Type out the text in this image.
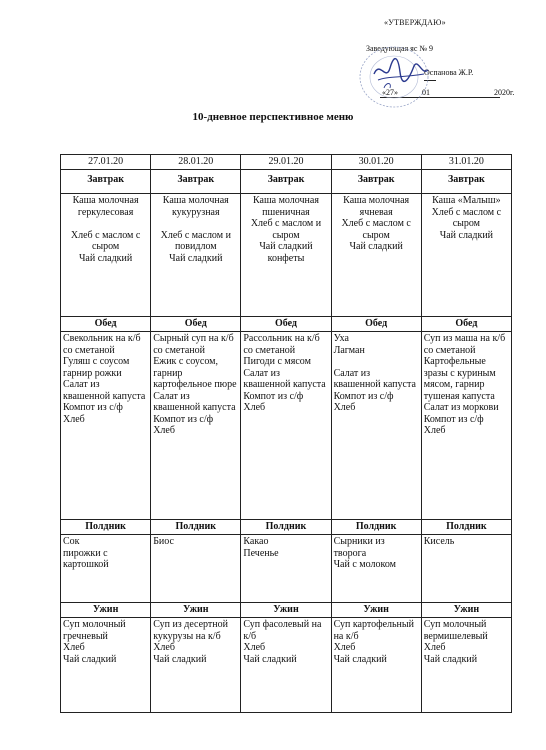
«УТВЕРЖДАЮ»
Заведующая яс № 9
Оспанова Ж.Р.
«27»	01	2020г.
10-дневное перспективное меню
27.01.20	28.01.20	29.01.20	30.01.20	31.01.20
Завтрак	Завтрак	Завтрак	Завтрак	Завтрак

Каша молочная геркулесовая

Хлеб с маслом с сыром
Чай сладкий	Каша молочная кукурузная

Хлеб с маслом и повидлом
Чай сладкий	Каша молочная пшеничная
Хлеб с маслом и сыром
Чай сладкий конфеты	Каша молочная ячневая
Хлеб с маслом с сыром
Чай сладкий	Каша «Малыш»
Хлеб с маслом с сыром
Чай сладкий

Обед	Обед	Обед	Обед	Обед

Свекольник на к/б со сметаной
Гуляш с соусом гарнир рожки
Салат из квашенной капуста
Компот из с/ф
Хлеб	Сырный суп на к/б со сметаной
Ежик с соусом, гарнир картофельное пюре
Салат из квашенной капуста
Компот из с/ф
Хлеб	Рассольник на к/б со сметаной
Пигоди с мясом
Салат из квашенной капуста
Компот из с/ф
Хлеб	Уха
Лагман

Салат из квашенной капуста
Компот из с/ф
Хлеб	Суп из маша на к/б со сметаной
Картофельные зразы с куриным мясом, гарнир тушеная капуста
Салат из моркови
Компот из с/ф
Хлеб

Полдник	Полдник	Полдник	Полдник	Полдник

Сок
пирожки с картошкой	Биос	Какао
Печенье	Сырники из творога
Чай с молоком	Кисель

Ужин	Ужин	Ужин	Ужин	Ужин

Суп молочный гречневый
Хлеб
Чай сладкий	Суп из десертной кукурузы на к/б
Хлеб
Чай сладкий	Суп фасолевый на к/б
Хлеб
Чай сладкий	Суп картофельный на к/б
Хлеб
Чай сладкий	Суп молочный вермишелевый
Хлеб
Чай сладкий
